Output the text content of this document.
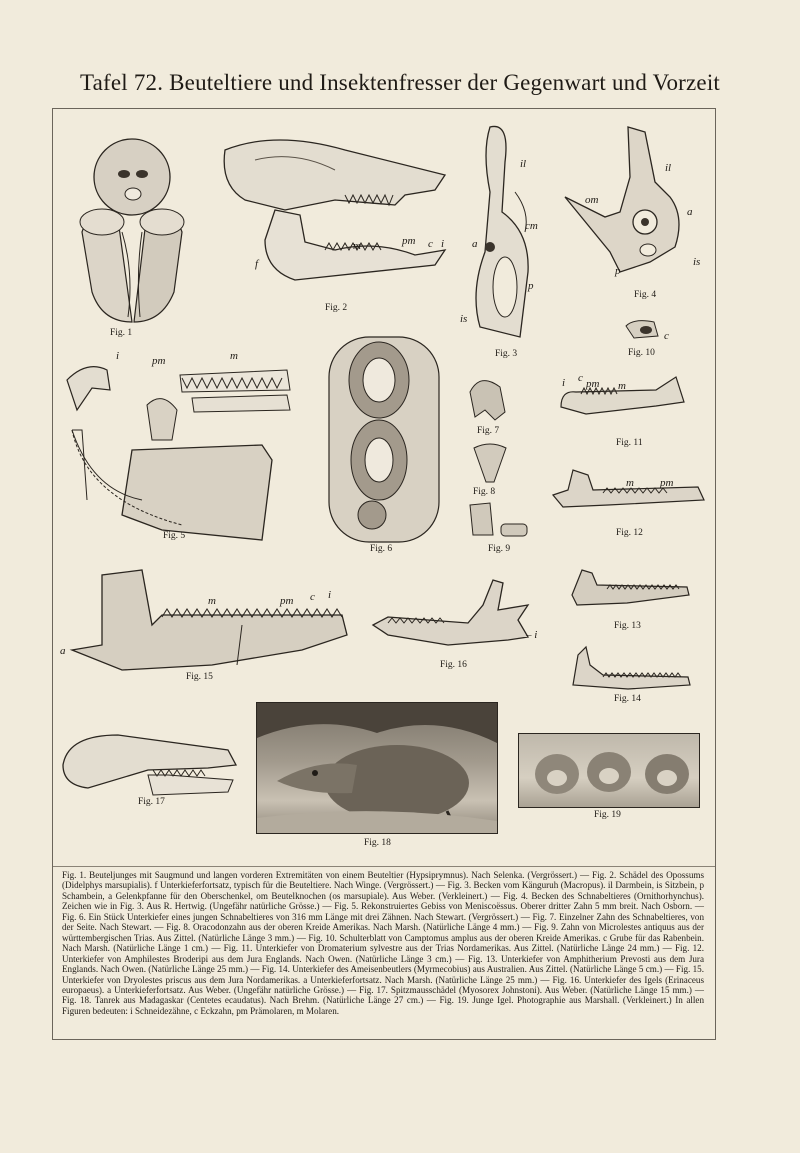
Tafel 72. Beuteltiere und Insektenfresser der Gegenwart und Vorzeit
Fig. 1
f
m	pm c i
Fig. 2
il
cm
a
p
is
Fig. 3
il
om
a
is
p
Fig. 4
c
Fig. 10
i	pm	m
Fig. 5
Fig. 6
Fig. 7
Fig. 8
Fig. 9
i c pm m
Fig. 11
m pm
Fig. 12
Fig. 13
Fig. 14
a
m	pm c i
Fig. 15
– i
Fig. 16
Fig. 17
Fig. 18
Fig. 19
Fig. 1. Beuteljunges mit Saugmund und langen vorderen Extremitäten von einem Beuteltier (Hypsiprymnus). Nach Selenka. (Vergrössert.) — Fig. 2. Schädel des Opossums (Didelphys marsupialis). f Unterkieferfortsatz, typisch für die Beuteltiere. Nach Winge. (Vergrössert.) — Fig. 3. Becken vom Känguruh (Macropus). il Darmbein, is Sitzbein, p Schambein, a Gelenkpfanne für den Oberschenkel, om Beutelknochen (os marsupiale). Aus Weber. (Verkleinert.) — Fig. 4. Becken des Schnabeltieres (Ornithorhynchus). Zeichen wie in Fig. 3. Aus R. Hertwig. (Ungefähr natürliche Grösse.) — Fig. 5. Rekonstruiertes Gebiss von Meniscoëssus. Oberer dritter Zahn 5 mm breit. Nach Osborn. — Fig. 6. Ein Stück Unterkiefer eines jungen Schnabeltieres von 316 mm Länge mit drei Zähnen. Nach Stewart. (Vergrössert.) — Fig. 7. Einzelner Zahn des Schnabeltieres, von der Seite. Nach Stewart. — Fig. 8. Oracodonzahn aus der oberen Kreide Amerikas. Nach Marsh. (Natürliche Länge 4 mm.) — Fig. 9. Zahn von Microlestes antiquus aus der württembergischen Trias. Aus Zittel. (Natürliche Länge 3 mm.) — Fig. 10. Schulterblatt von Camptomus amplus aus der oberen Kreide Amerikas. c Grube für das Rabenbein. Nach Marsh. (Natürliche Länge 1 cm.) — Fig. 11. Unterkiefer von Dromaterium sylvestre aus der Trias Nordamerikas. Aus Zittel. (Natürliche Länge 24 mm.) — Fig. 12. Unterkiefer von Amphilestes Broderipi aus dem Jura Englands. Nach Owen. (Natürliche Länge 3 cm.) — Fig. 13. Unterkiefer von Amphitherium Prevosti aus dem Jura Englands. Nach Owen. (Natürliche Länge 25 mm.) — Fig. 14. Unterkiefer des Ameisenbeutlers (Myrmecobius) aus Australien. Aus Zittel. (Natürliche Länge 5 cm.) — Fig. 15. Unterkiefer von Dryolestes priscus aus dem Jura Nordamerikas. a Unterkieferfortsatz. Nach Marsh. (Natürliche Länge 25 mm.) — Fig. 16. Unterkiefer des Igels (Erinaceus europaeus). a Unterkieferfortsatz. Aus Weber. (Ungefähr natürliche Grösse.) — Fig. 17. Spitzmausschädel (Myosorex Johnstoni). Aus Weber. (Natürliche Länge 15 mm.) — Fig. 18. Tanrek aus Madagaskar (Centetes ecaudatus). Nach Brehm. (Natürliche Länge 27 cm.) — Fig. 19. Junge Igel. Photographie aus Marshall. (Verkleinert.) In allen Figuren bedeuten: i Schneidezähne, c Eckzahn, pm Prämolaren, m Molaren.
